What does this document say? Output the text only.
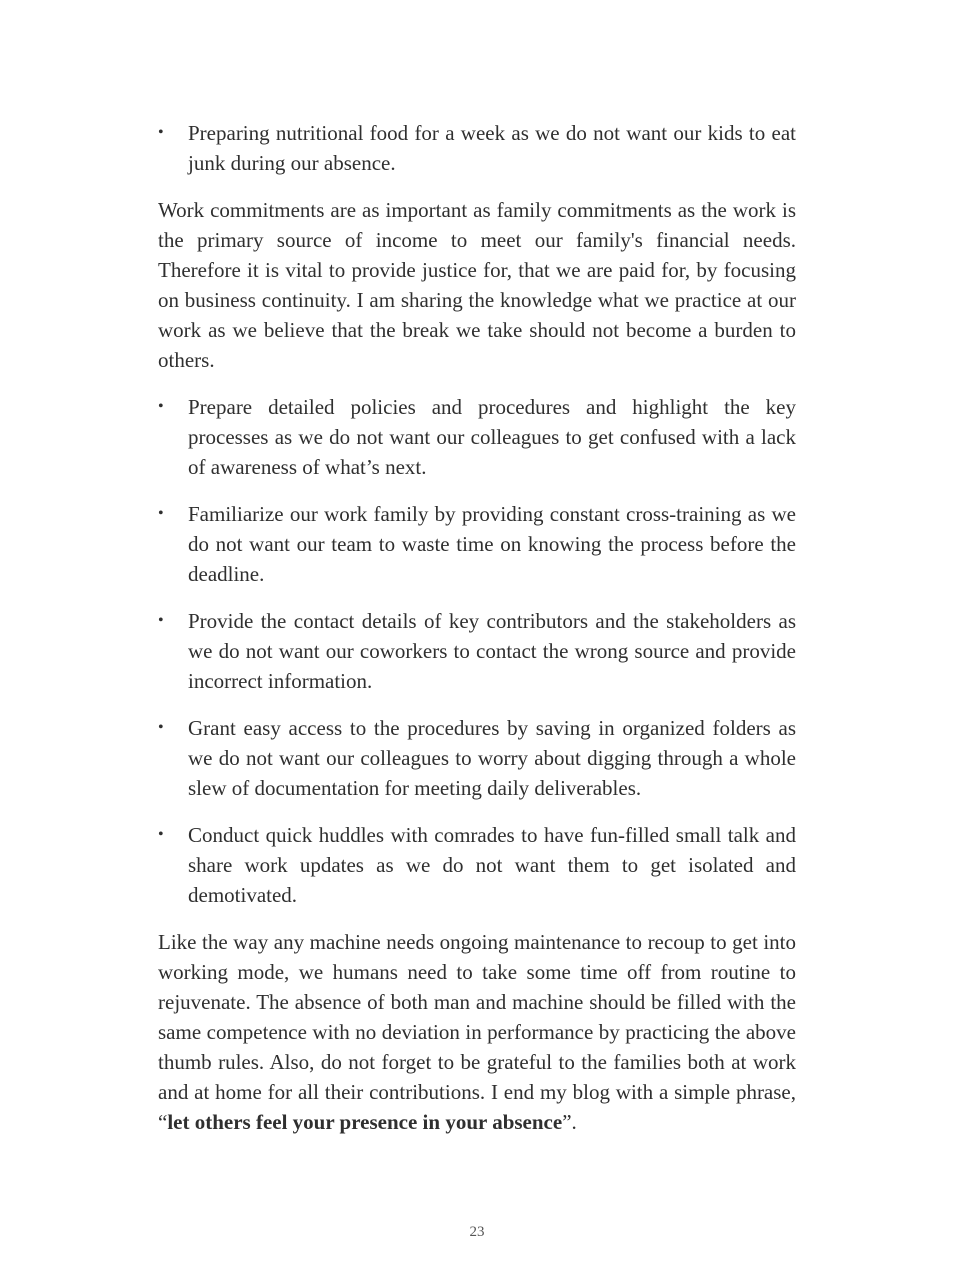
• Preparing nutritional food for a week as we do not want our kids to eat junk during our absence.

Work commitments are as important as family commitments as the work is the primary source of income to meet our family's financial needs. Therefore it is vital to provide justice for, that we are paid for, by focusing on business continuity. I am sharing the knowledge what we practice at our work as we believe that the break we take should not become a burden to others.

• Prepare detailed policies and procedures and highlight the key processes as we do not want our colleagues to get confused with a lack of awareness of what’s next.
• Familiarize our work family by providing constant cross-training as we do not want our team to waste time on knowing the process before the deadline.
• Provide the contact details of key contributors and the stakeholders as we do not want our coworkers to contact the wrong source and provide incorrect information.
• Grant easy access to the procedures by saving in organized folders as we do not want our colleagues to worry about digging through a whole slew of documentation for meeting daily deliverables.
• Conduct quick huddles with comrades to have fun-filled small talk and share work updates as we do not want them to get isolated and demotivated.

Like the way any machine needs ongoing maintenance to recoup to get into working mode, we humans need to take some time off from routine to rejuvenate. The absence of both man and machine should be filled with the same competence with no deviation in performance by practicing the above thumb rules. Also, do not forget to be grateful to the families both at work and at home for all their contributions. I end my blog with a simple phrase, “let others feel your presence in your absence”.

23
